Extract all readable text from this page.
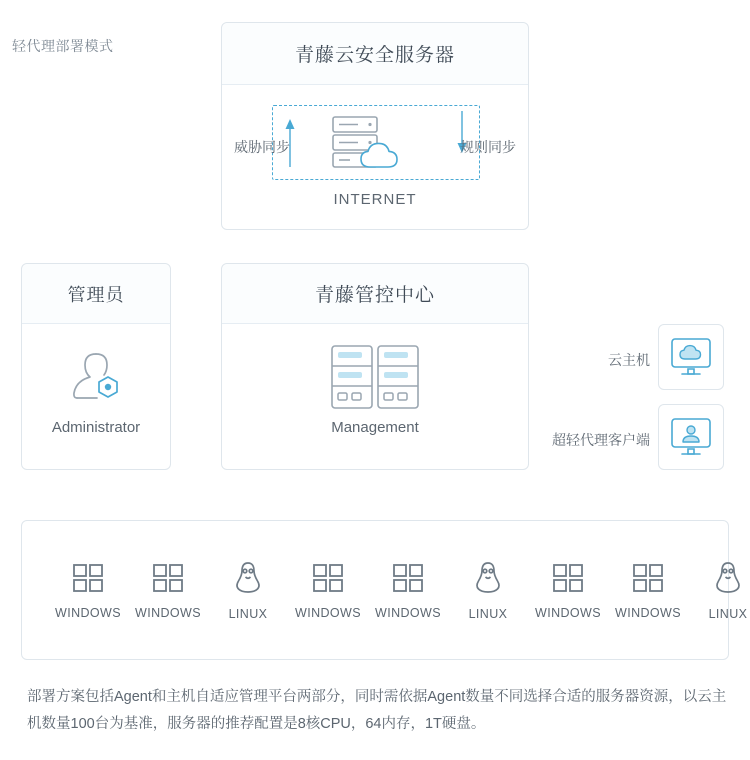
轻代理部署模式	青藤云安全服务器
威胁同步	规则同步
INTERNET
管理员
Administrator
青藤管控中心
Management
云主机
超轻代理客户端
WINDOWS WINDOWS LINUX WINDOWS WINDOWS LINUX WINDOWS WINDOWS LINUX
部署方案包括Agent和主机自适应管理平台两部分，同时需依据Agent数量不同选择合适的服务器资源，以云主机数量100台为基准，服务器的推荐配置是8核CPU，64内存，1T硬盘。
